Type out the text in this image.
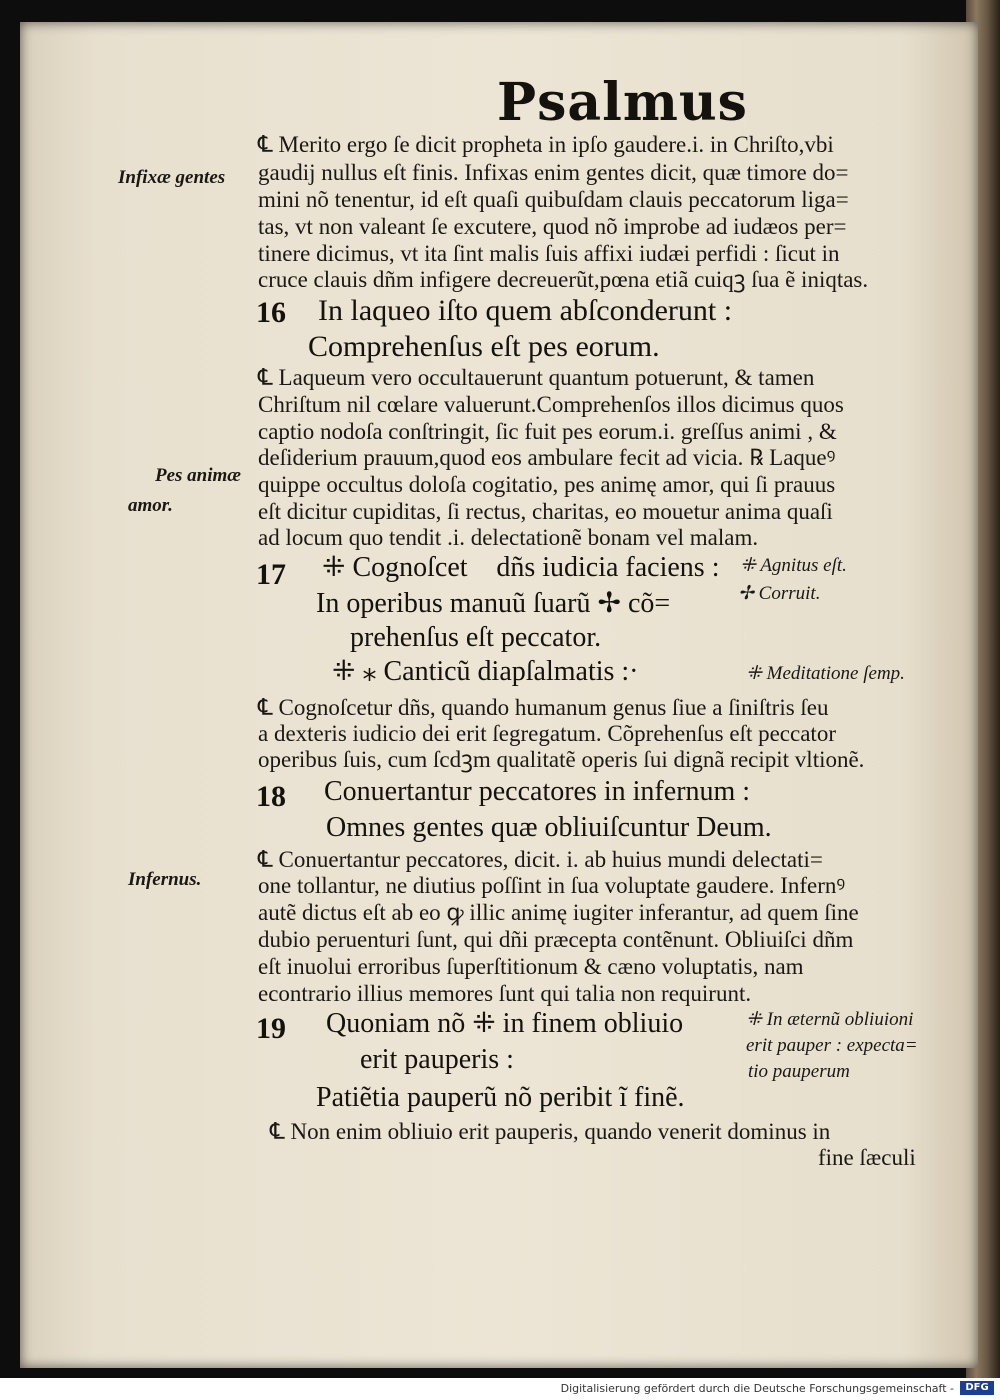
Psalmus
Infixæ gentes
Pes animæ
amor.
Infernus.
℄ Merito ergo ſe dicit propheta in ipſo gaudere.i. in Chriſto,vbi
gaudij nullus eſt finis. Infixas enim gentes dicit, quæ timore do=
mini nõ tenentur, id eſt quaſi quibuſdam clauis peccatorum liga=
tas, vt non valeant ſe excutere, quod nõ improbe ad iudæos per=
tinere dicimus, vt ita ſint malis ſuis affixi iudæi perfidi : ſicut in
cruce clauis dñm infigere decreuerũt,pœna etiã cuiqꝫ ſua ẽ iniqtas.
16 In laqueo iſto quem abſconderunt :
Comprehenſus eſt pes eorum.
℄ Laqueum vero occultauerunt quantum potuerunt, & tamen
Chriſtum nil cœlare valuerunt.Comprehenſos illos dicimus quos
captio nodoſa conſtringit, ſic fuit pes eorum.i. greſſus animi , &
deſiderium prauum,quod eos ambulare fecit ad vicia. ℞ Laqueꝰ
quippe occultus doloſa cogitatio, pes animę amor, qui ſi prauus
eſt dicitur cupiditas, ſi rectus, charitas, eo mouetur anima quaſi
ad locum quo tendit .i. delectationẽ bonam vel malam.
17 ⁜ Cognoſcetᷣ dñs iudicia faciens :
In operibus manuũ ſuarũ ✢ cõ=
prehenſus eſt peccator.
⁜ ⁎ Canticũ diapſalmatis :·
⁜ Agnitus eſt.
✢ Corruit.
⁜ Meditatione ſemp.
℄ Cognoſcetur dñs, quando humanum genus ſiue a ſiniſtris ſeu
a dexteris iudicio dei erit ſegregatum. Cõprehenſus eſt peccator
operibus ſuis, cum ſcdꝫm qualitatẽ operis ſui dignã recipit vltionẽ.
18 Conuertantur peccatores in infernum :
Omnes gentes quæ obliuiſcuntur Deum.
℄ Conuertantur peccatores, dicit. i. ab huius mundi delectati=
one tollantur, ne diutius poſſint in ſua voluptate gaudere. Infernꝰ
autẽ dictus eſt ab eo ꝙ illic animę iugiter inferantur, ad quem ſine
dubio peruenturi ſunt, qui dñi præcepta contẽnunt. Obliuiſci dñm
eſt inuolui erroribus ſuperſtitionum & cæno voluptatis, nam
econtrario illius memores ſunt qui talia non requirunt.
19 Quoniam nõ ⁜ in finem obliuio
erit pauperis :
Patiẽtia pauperũ nõ peribit ĩ finẽ.
⁜ In æternũ obliuioni
erit pauper : expecta=
tio pauperum
℄ Non enim obliuio erit pauperis, quando venerit dominus in
fine ſæculi
Digitalisierung gefördert durch die Deutsche Forschungsgemeinschaft -	DFG
